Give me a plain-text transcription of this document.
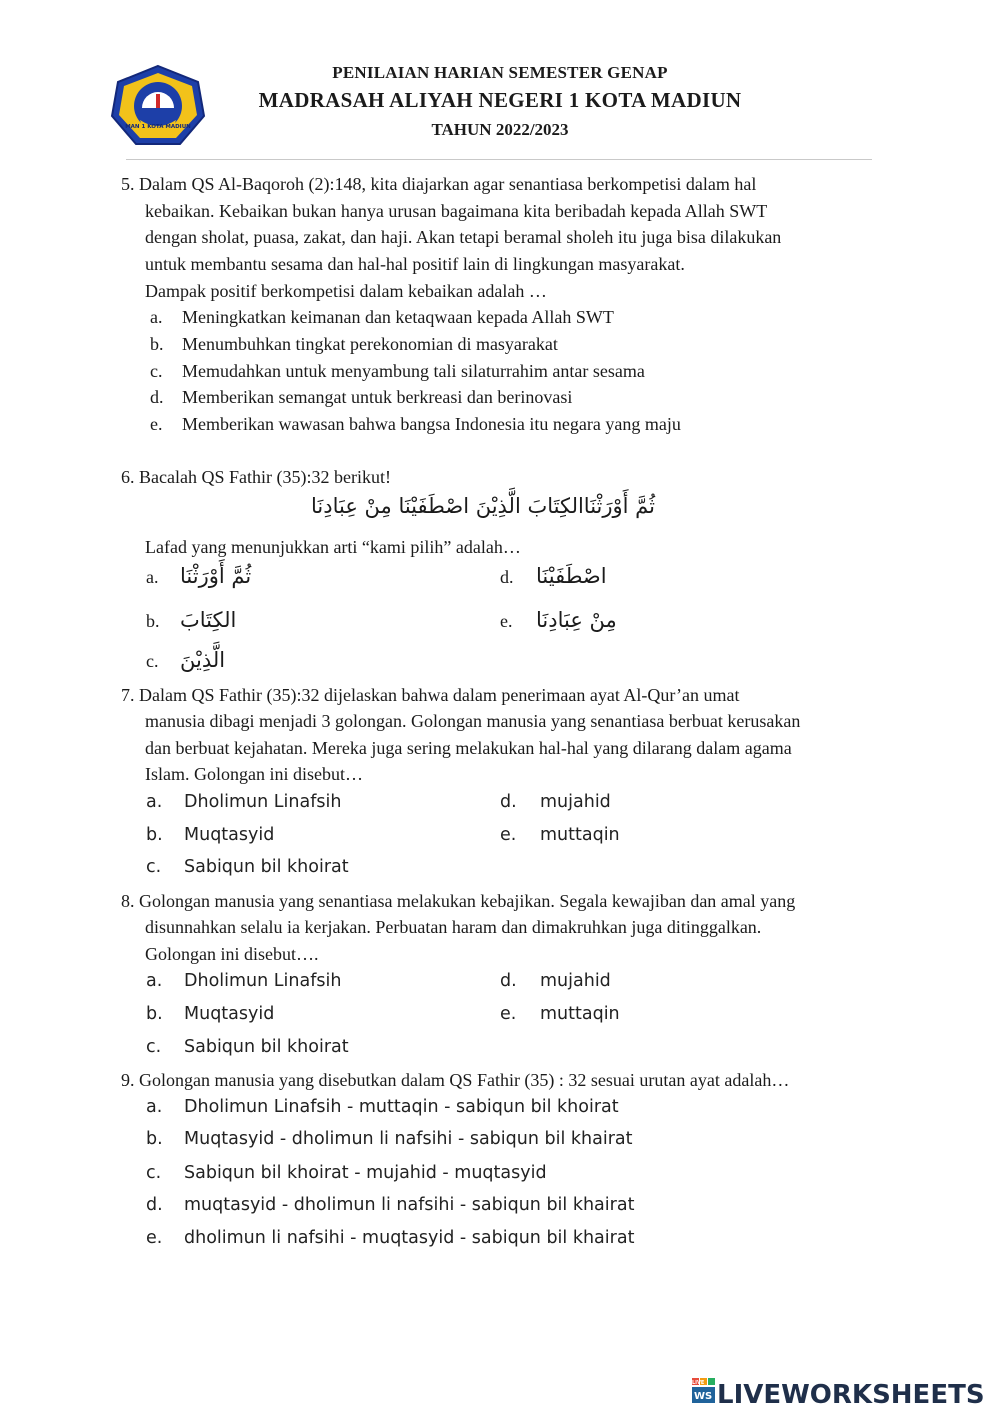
MAN 1 KOTA MADIUN
PENILAIAN HARIAN SEMESTER GENAP
MADRASAH ALIYAH NEGERI 1 KOTA MADIUN
TAHUN 2022/2023
5. Dalam QS Al-Baqoroh (2):148, kita diajarkan agar senantiasa berkompetisi dalam hal
kebaikan. Kebaikan bukan hanya urusan bagaimana kita beribadah kepada Allah SWT
dengan sholat, puasa, zakat, dan haji. Akan tetapi beramal sholeh itu juga bisa dilakukan
untuk membantu sesama dan hal-hal positif lain di lingkungan masyarakat.
Dampak positif berkompetisi dalam kebaikan adalah …
a. Meningkatkan keimanan dan ketaqwaan kepada Allah SWT
b. Menumbuhkan tingkat perekonomian di masyarakat
c. Memudahkan untuk menyambung tali silaturrahim antar sesama
d. Memberikan semangat untuk berkreasi dan berinovasi
e. Memberikan wawasan bahwa bangsa Indonesia itu negara yang maju
6. Bacalah QS Fathir (35):32 berikut!
ثُمَّ أَوْرَثْنَاالكِتَابَ الَّذِيْنَ اصْطَفَيْنَا مِنْ عِبَادِنَا
Lafad yang menunjukkan arti “kami pilih” adalah…
a. ثُمَّ أَوْرَثْنَا
b. الكِتَابَ
c. الَّذِيْنَ
d. اصْطَفَيْنَا
e. مِنْ عِبَادِنَا
7. Dalam QS Fathir (35):32 dijelaskan bahwa dalam penerimaan ayat Al-Qur’an umat
manusia dibagi menjadi 3 golongan. Golongan manusia yang senantiasa berbuat kerusakan
dan berbuat kejahatan. Mereka juga sering melakukan hal-hal yang dilarang dalam agama
Islam. Golongan ini disebut…
a. Dholimun Linafsih
b. Muqtasyid
c. Sabiqun bil khoirat
d. mujahid
e. muttaqin
8. Golongan manusia yang senantiasa melakukan kebajikan. Segala kewajiban dan amal yang
disunnahkan selalu ia kerjakan. Perbuatan haram dan dimakruhkan juga ditinggalkan.
Golongan ini disebut….
a. Dholimun Linafsih
b. Muqtasyid
c. Sabiqun bil khoirat
d. mujahid
e. muttaqin
9. Golongan manusia yang disebutkan dalam QS Fathir (35) : 32 sesuai urutan ayat adalah…
a. Dholimun Linafsih - muttaqin - sabiqun bil khoirat
b. Muqtasyid - dholimun li nafsihi - sabiqun bil khairat
c. Sabiqun bil khoirat - mujahid - muqtasyid
d. muqtasyid - dholimun li nafsihi - sabiqun bil khairat
e. dholimun li nafsihi - muqtasyid - sabiqun bil khairat
LIVE
WS LIVEWORKSHEETS
